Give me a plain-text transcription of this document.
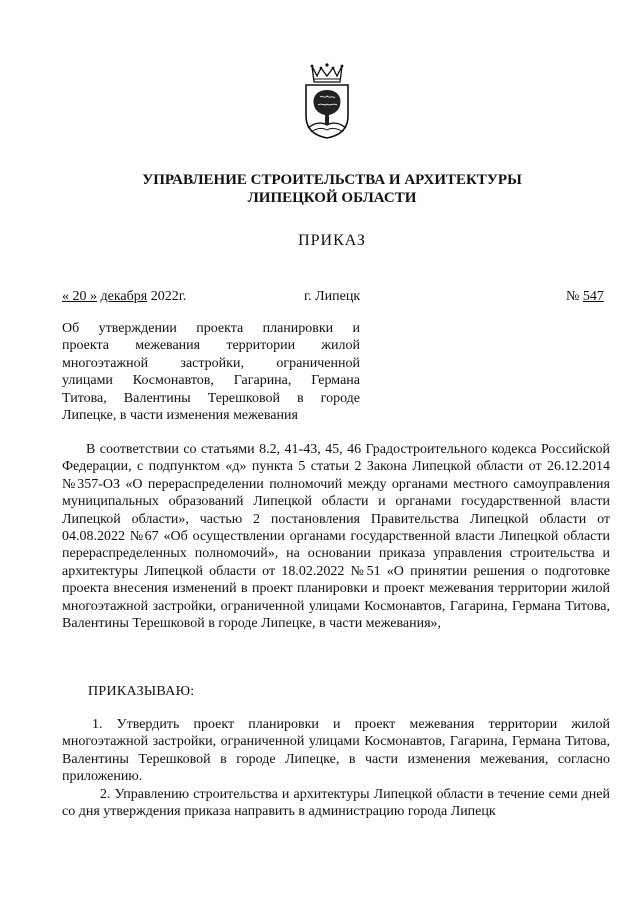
УПРАВЛЕНИЕ СТРОИТЕЛЬСТВА И АРХИТЕКТУРЫ
ЛИПЕЦКОЙ ОБЛАСТИ
ПРИКАЗ
« 20 » декабря 2022г.	г. Липецк	№ 547
Об утверждении проекта планировки и
проекта межевания территории жилой
многоэтажной застройки, ограниченной
улицами Космонавтов, Гагарина, Германа
Титова, Валентины Терешковой в городе
Липецке, в части изменения межевания
В соответствии со статьями 8.2, 41-43, 45, 46 Градостроительного кодекса Российской Федерации, с подпунктом «д» пункта 5 статьи 2 Закона Липецкой области от 26.12.2014 №357-ОЗ «О перераспределении полномочий между органами местного самоуправления муниципальных образований Липецкой области и органами государственной власти Липецкой области», частью 2 постановления Правительства Липецкой области от 04.08.2022 №67 «Об осуществлении органами государственной власти Липецкой области перераспределенных полномочий», на основании приказа управления строительства и архитектуры Липецкой области от 18.02.2022 №51 «О принятии решения о подготовке проекта внесения изменений в проект планировки и проект межевания территории жилой многоэтажной застройки, ограниченной улицами Космонавтов, Гагарина, Германа Титова, Валентины Терешковой в городе Липецке, в части межевания»,
ПРИКАЗЫВАЮ:
1. Утвердить проект планировки и проект межевания территории жилой многоэтажной застройки, ограниченной улицами Космонавтов, Гагарина, Германа Титова, Валентины Терешковой в городе Липецке, в части изменения межевания, согласно приложению.
2. Управлению строительства и архитектуры Липецкой области в течение семи дней со дня утверждения приказа направить в администрацию города Липецк
